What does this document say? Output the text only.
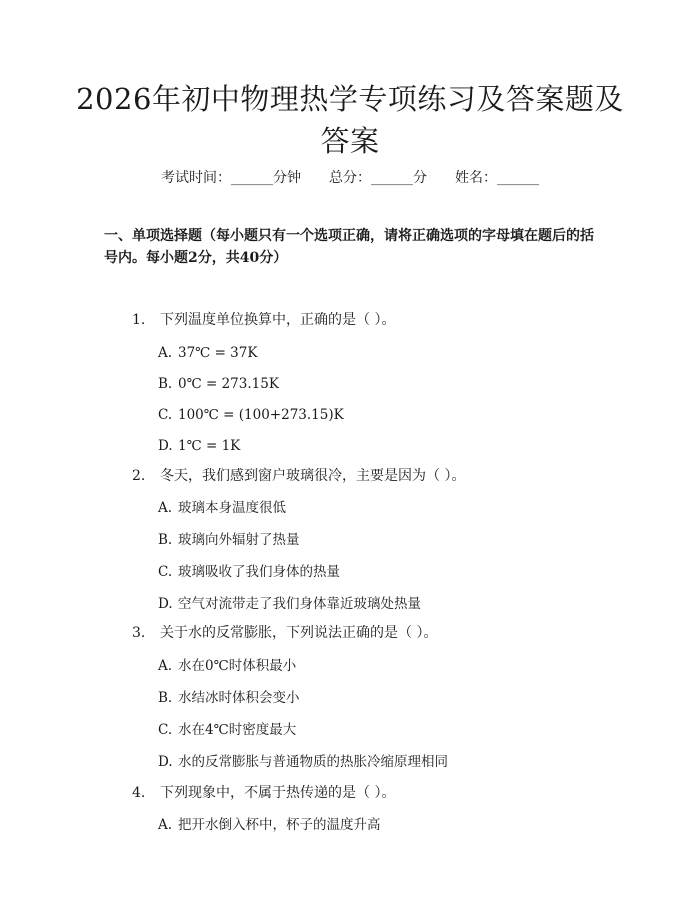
2026年初中物理热学专项练习及答案题及答案
考试时间：______分钟 总分：______分 姓名：______
一、单项选择题（每小题只有一个选项正确，请将正确选项的字母填在题后的括号内。每小题2分，共40分）
1. 下列温度单位换算中，正确的是（ ）。
A. 37℃ = 37K
B. 0℃ = 273.15K
C. 100℃ = (100+273.15)K
D. 1℃ = 1K
2. 冬天，我们感到窗户玻璃很冷，主要是因为（ ）。
A. 玻璃本身温度很低
B. 玻璃向外辐射了热量
C. 玻璃吸收了我们身体的热量
D. 空气对流带走了我们身体靠近玻璃处热量
3. 关于水的反常膨胀，下列说法正确的是（ ）。
A. 水在0℃时体积最小
B. 水结冰时体积会变小
C. 水在4℃时密度最大
D. 水的反常膨胀与普通物质的热胀冷缩原理相同
4. 下列现象中，不属于热传递的是（ ）。
A. 把开水倒入杯中，杯子的温度升高
